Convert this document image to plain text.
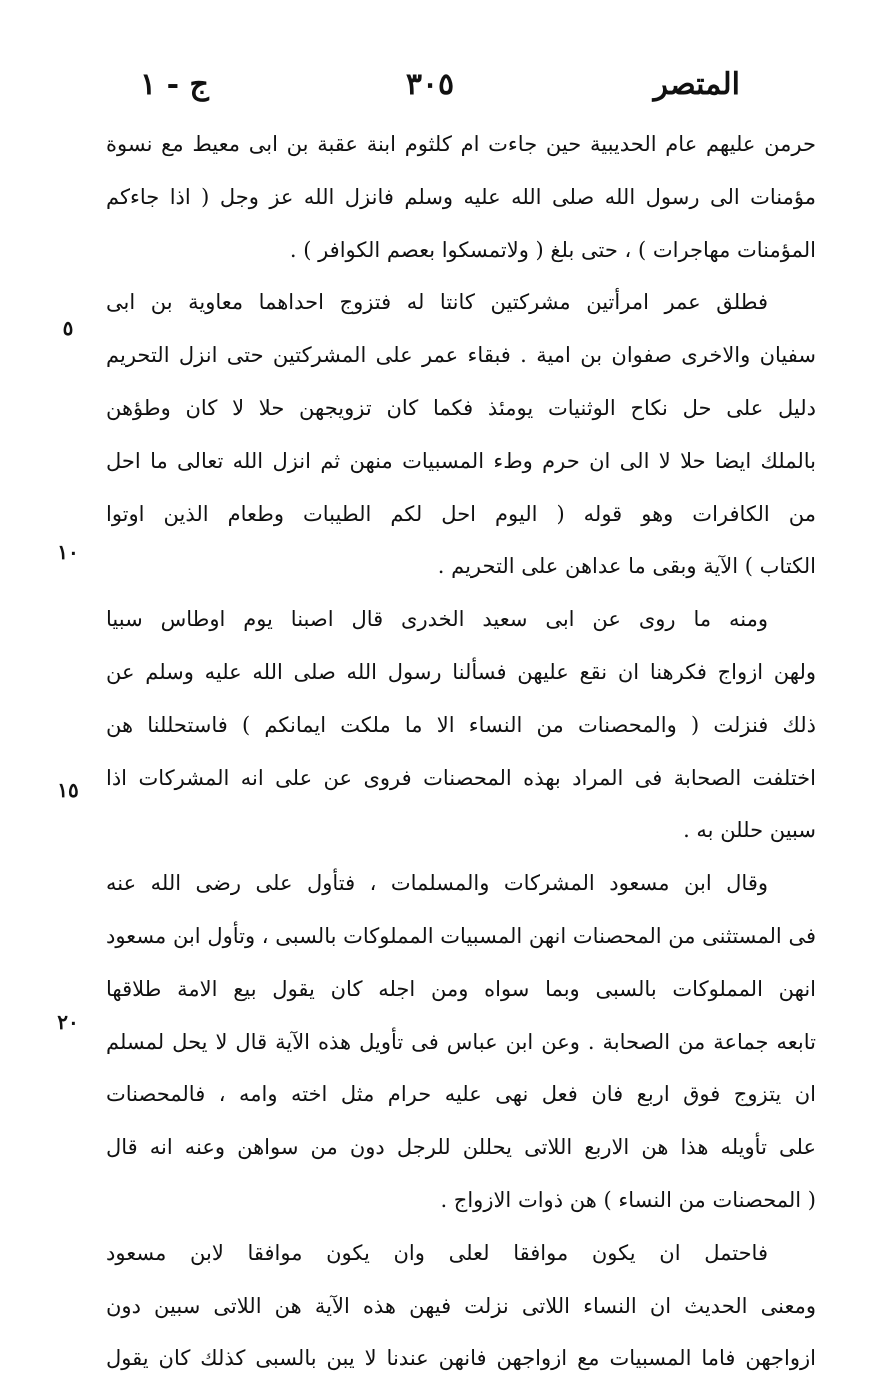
المتصر
٣٠٥
ج - ١
٥
١٠
١٥
٢٠
حرمن عليهم عام الحديبية حين جاءت ام كلثوم ابنة عقبة بن ابى معيط مع نسوة
مؤمنات الى رسول الله صلى الله عليه وسلم فانزل الله عز وجل ( اذا جاءكم
المؤمنات مهاجرات ) ، حتى بلغ ( ولاتمسكوا بعصم الكوافر ) .
فطلق عمر امرأتين مشركتين كانتا له فتزوج احداهما معاوية بن ابى
سفيان والاخرى صفوان بن امية . فبقاء عمر على المشركتين حتى انزل التحريم
دليل على حل نكاح الوثنيات يومئذ فكما كان تزويجهن حلا لا كان وطؤهن
بالملك ايضا حلا لا الى ان حرم وطء المسبيات منهن ثم انزل الله تعالى ما احل
من الكافرات وهو قوله ( اليوم احل لكم الطيبات وطعام الذين اوتوا
الكتاب ) الآية وبقى ما عداهن على التحريم .
ومنه ما روى عن ابى سعيد الخدرى قال اصبنا يوم اوطاس سبيا
ولهن ازواج فكرهنا ان نقع عليهن فسألنا رسول الله صلى الله عليه وسلم عن
ذلك فنزلت ( والمحصنات من النساء الا ما ملكت ايمانكم ) فاستحللنا هن
اختلفت الصحابة فى المراد بهذه المحصنات فروى عن على انه المشركات اذا
سبين حللن به .
وقال ابن مسعود المشركات والمسلمات ، فتأول على رضى الله عنه
فى المستثنى من المحصنات انهن المسبيات المملوكات بالسبى ، وتأول ابن مسعود
انهن المملوكات بالسبى وبما سواه ومن اجله كان يقول بيع الامة طلاقها
تابعه جماعة من الصحابة . وعن ابن عباس فى تأويل هذه الآية قال لا يحل لمسلم
ان يتزوج فوق اربع فان فعل نهى عليه حرام مثل اخته وامه ، فالمحصنات
على تأويله هذا هن الاربع اللاتى يحللن للرجل دون من سواهن وعنه انه قال
( المحصنات من النساء ) هن ذوات الازواج .
فاحتمل ان يكون موافقا لعلى وان يكون موافقا لابن مسعود
ومعنى الحديث ان النساء اللاتى نزلت فيهن هذه الآية هن اللاتى سبين دون
ازواجهن فاما المسبيات مع ازواجهن فانهن عندنا لا يبن بالسبى كذلك كان يقول
